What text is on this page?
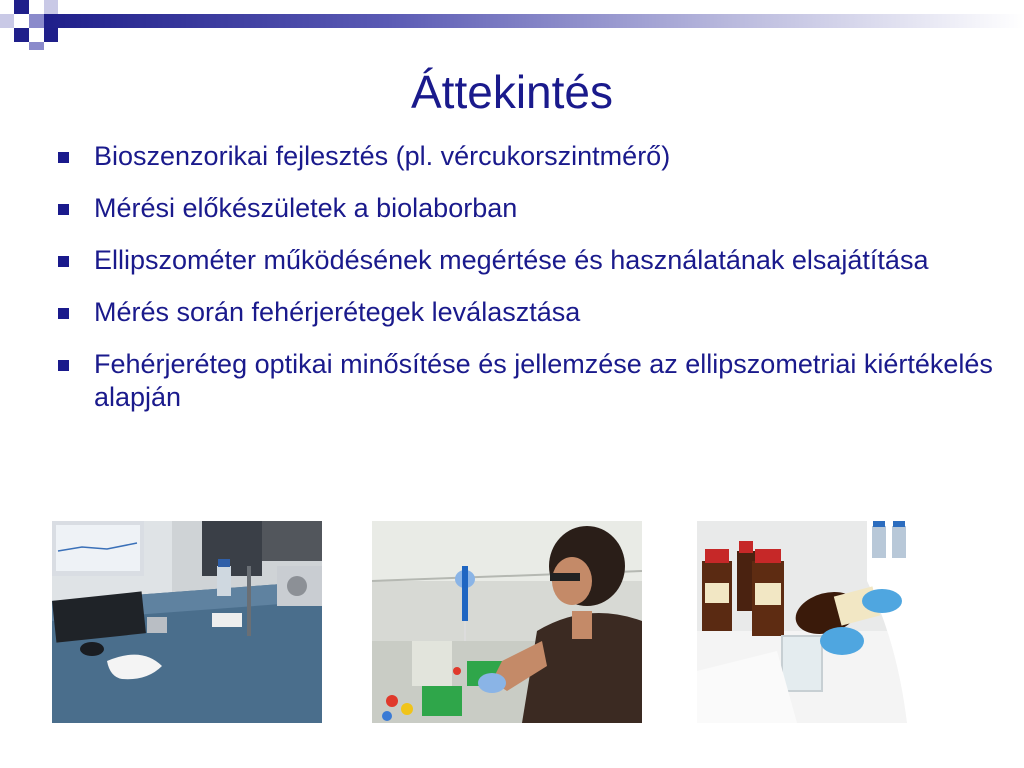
Áttekintés
Bioszenzorikai fejlesztés (pl. vércukorszintmérő)
Mérési előkészületek a biolaborban
Ellipszométer működésének megértése és használatának elsajátítása
Mérés során fehérjerétegek leválasztása
Fehérjeréteg optikai minősítése és jellemzése az ellipszometriai kiértékelés alapján
